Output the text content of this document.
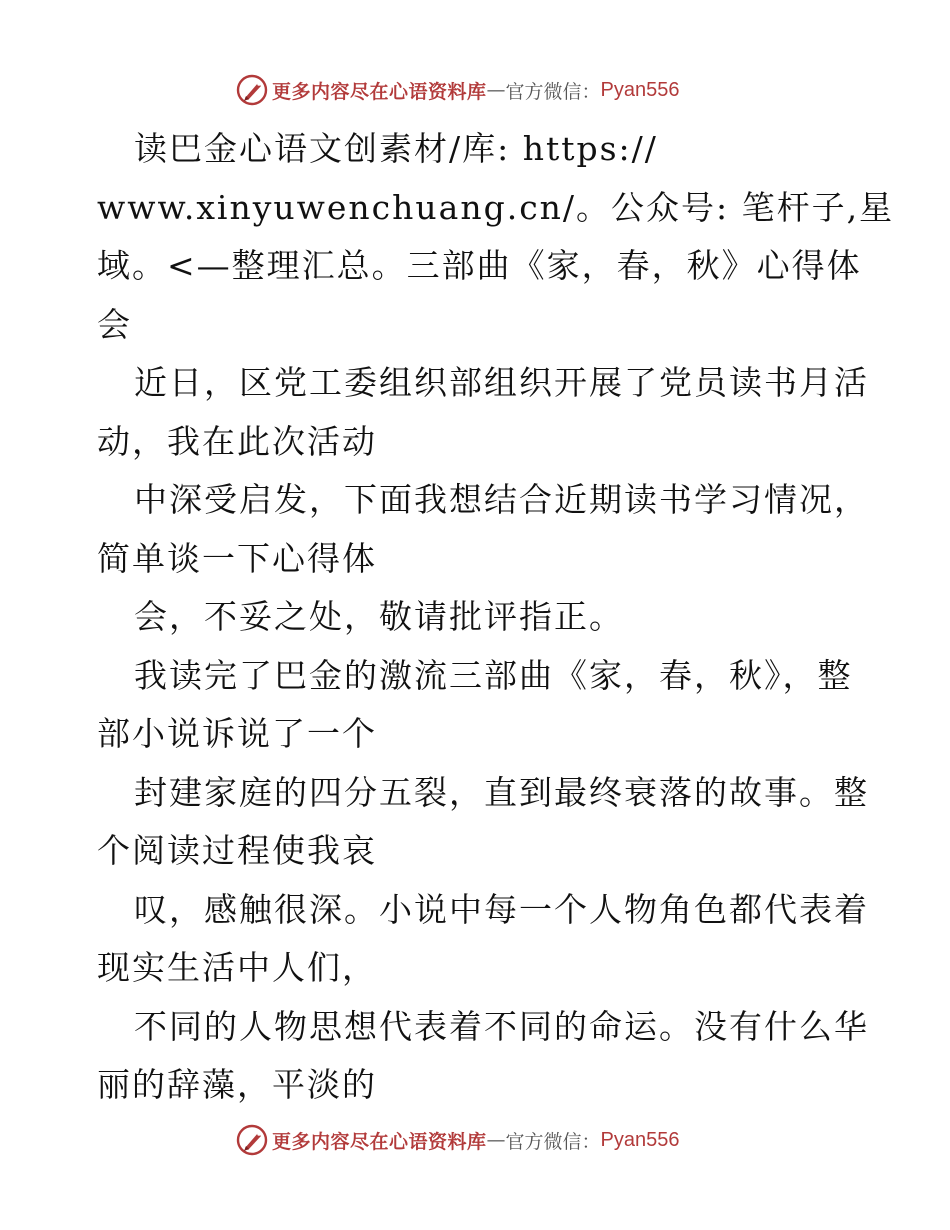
更多内容尽在心语资料库 — 官方微信： Pyan556
读巴金心语文创素材/库: https://
www.xinyuwenchuang.cn/。公众号: 笔杆子,星
域。<—整理汇总。三部曲《家，春，秋》心得体
会
近日，区党工委组织部组织开展了党员读书月活
动，我在此次活动
中深受启发，下面我想结合近期读书学习情况，
简单谈一下心得体
会，不妥之处，敬请批评指正。
我读完了巴金的激流三部曲《家，春，秋》，整
部小说诉说了一个
封建家庭的四分五裂，直到最终衰落的故事。整
个阅读过程使我哀
叹，感触很深。小说中每一个人物角色都代表着
现实生活中人们，
不同的人物思想代表着不同的命运。没有什么华
丽的辞藻，平淡的
更多内容尽在心语资料库 — 官方微信： Pyan556
